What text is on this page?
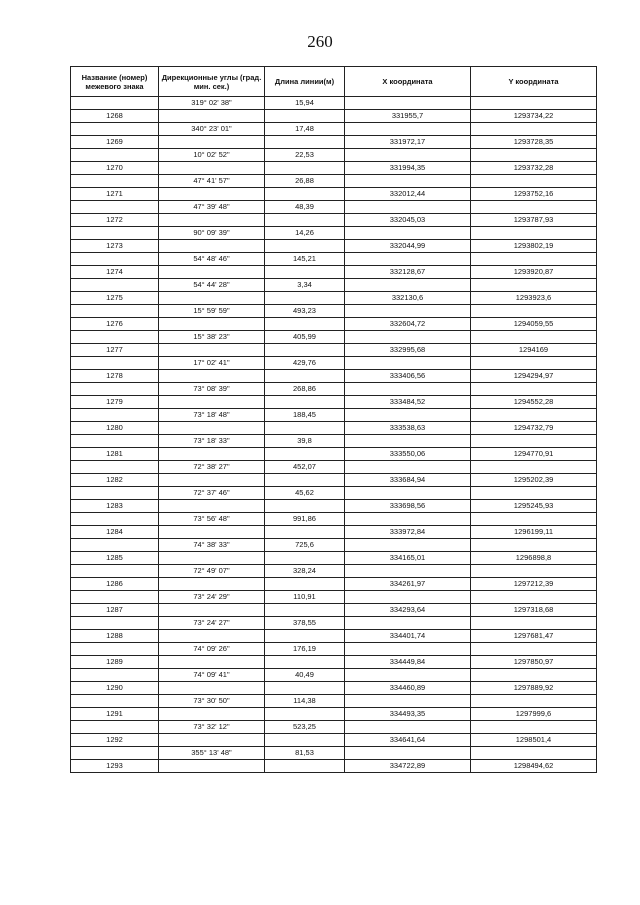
260
Название (номер) межевого знака	Дирекционные углы (град. мин. сек.)	Длина линии(м)	X координата	Y координата
	319° 02' 38"	15,94		
1268			331955,7	1293734,22
	340° 23' 01"	17,48		
1269			331972,17	1293728,35
	10° 02' 52"	22,53		
1270			331994,35	1293732,28
	47° 41' 57"	26,88		
1271			332012,44	1293752,16
	47° 39' 48"	48,39		
1272			332045,03	1293787,93
	90° 09' 39"	14,26		
1273			332044,99	1293802,19
	54° 48' 46"	145,21		
1274			332128,67	1293920,87
	54° 44' 28"	3,34		
1275			332130,6	1293923,6
	15° 59' 59"	493,23		
1276			332604,72	1294059,55
	15° 38' 23"	405,99		
1277			332995,68	1294169
	17° 02' 41"	429,76		
1278			333406,56	1294294,97
	73° 08' 39"	268,86		
1279			333484,52	1294552,28
	73° 18' 48"	188,45		
1280			333538,63	1294732,79
	73° 18' 33"	39,8		
1281			333550,06	1294770,91
	72° 38' 27"	452,07		
1282			333684,94	1295202,39
	72° 37' 46"	45,62		
1283			333698,56	1295245,93
	73° 56' 48"	991,86		
1284			333972,84	1296199,11
	74° 38' 33"	725,6		
1285			334165,01	1296898,8
	72° 49' 07"	328,24		
1286			334261,97	1297212,39
	73° 24' 29"	110,91		
1287			334293,64	1297318,68
	73° 24' 27"	378,55		
1288			334401,74	1297681,47
	74° 09' 26"	176,19		
1289			334449,84	1297850,97
	74° 09' 41"	40,49		
1290			334460,89	1297889,92
	73° 30' 50"	114,38		
1291			334493,35	1297999,6
	73° 32' 12"	523,25		
1292			334641,64	1298501,4
	355° 13' 48"	81,53		
1293			334722,89	1298494,62
